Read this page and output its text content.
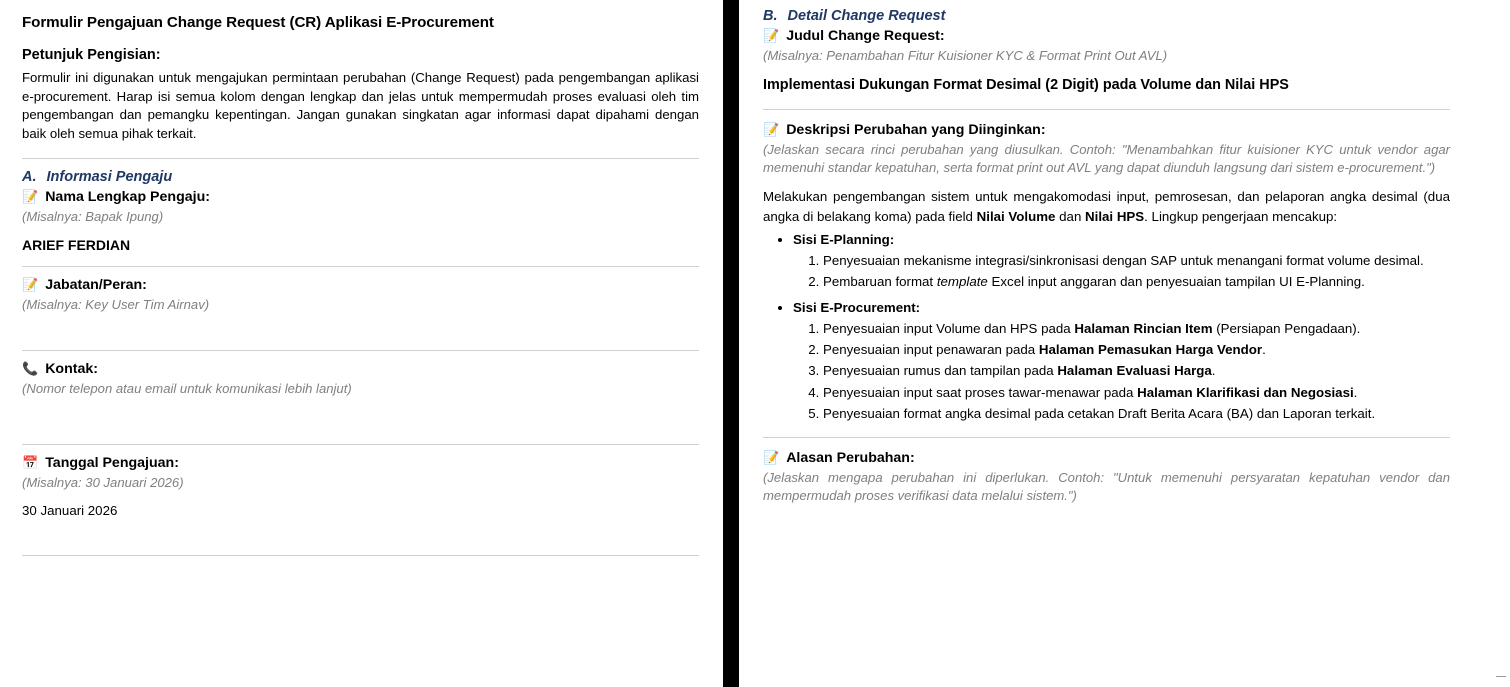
Formulir Pengajuan Change Request (CR) Aplikasi E-Procurement
Petunjuk Pengisian:

Formulir ini digunakan untuk mengajukan permintaan perubahan (Change Request) pada pengembangan aplikasi e-procurement. Harap isi semua kolom dengan lengkap dan jelas untuk mempermudah proses evaluasi oleh tim pengembangan dan pemangku kepentingan. Jangan gunakan singkatan agar informasi dapat dipahami dengan baik oleh semua pihak terkait.

A. Informasi Pengaju
📝 Nama Lengkap Pengaju:
(Misalnya: Bapak Ipung)
ARIEF FERDIAN
📝 Jabatan/Peran:
(Misalnya: Key User Tim Airnav)
📞 Kontak:
(Nomor telepon atau email untuk komunikasi lebih lanjut)
📅 Tanggal Pengajuan:
(Misalnya: 30 Januari 2026)
30 Januari 2026
B. Detail Change Request
📝 Judul Change Request:
(Misalnya: Penambahan Fitur Kuisioner KYC & Format Print Out AVL)
Implementasi Dukungan Format Desimal (2 Digit) pada Volume dan Nilai HPS
📝 Deskripsi Perubahan yang Diinginkan:
(Jelaskan secara rinci perubahan yang diusulkan. Contoh: "Menambahkan fitur kuisioner KYC untuk vendor agar memenuhi standar kepatuhan, serta format print out AVL yang dapat diunduh langsung dari sistem e-procurement.")

Melakukan pengembangan sistem untuk mengakomodasi input, pemrosesan, dan pelaporan angka desimal (dua angka di belakang koma) pada field Nilai Volume dan Nilai HPS. Lingkup pengerjaan mencakup:

• Sisi E-Planning:
1. Penyesuaian mekanisme integrasi/sinkronisasi dengan SAP untuk menangani format volume desimal.
2. Pembaruan format template Excel input anggaran dan penyesuaian tampilan UI E-Planning.
• Sisi E-Procurement:
1. Penyesuaian input Volume dan HPS pada Halaman Rincian Item (Persiapan Pengadaan).
2. Penyesuaian input penawaran pada Halaman Pemasukan Harga Vendor.
3. Penyesuaian rumus dan tampilan pada Halaman Evaluasi Harga.
4. Penyesuaian input saat proses tawar-menawar pada Halaman Klarifikasi dan Negosiasi.
5. Penyesuaian format angka desimal pada cetakan Draft Berita Acara (BA) dan Laporan terkait.
📝 Alasan Perubahan:
(Jelaskan mengapa perubahan ini diperlukan. Contoh: "Untuk memenuhi persyaratan kepatuhan vendor dan mempermudah proses verifikasi data melalui sistem.")
